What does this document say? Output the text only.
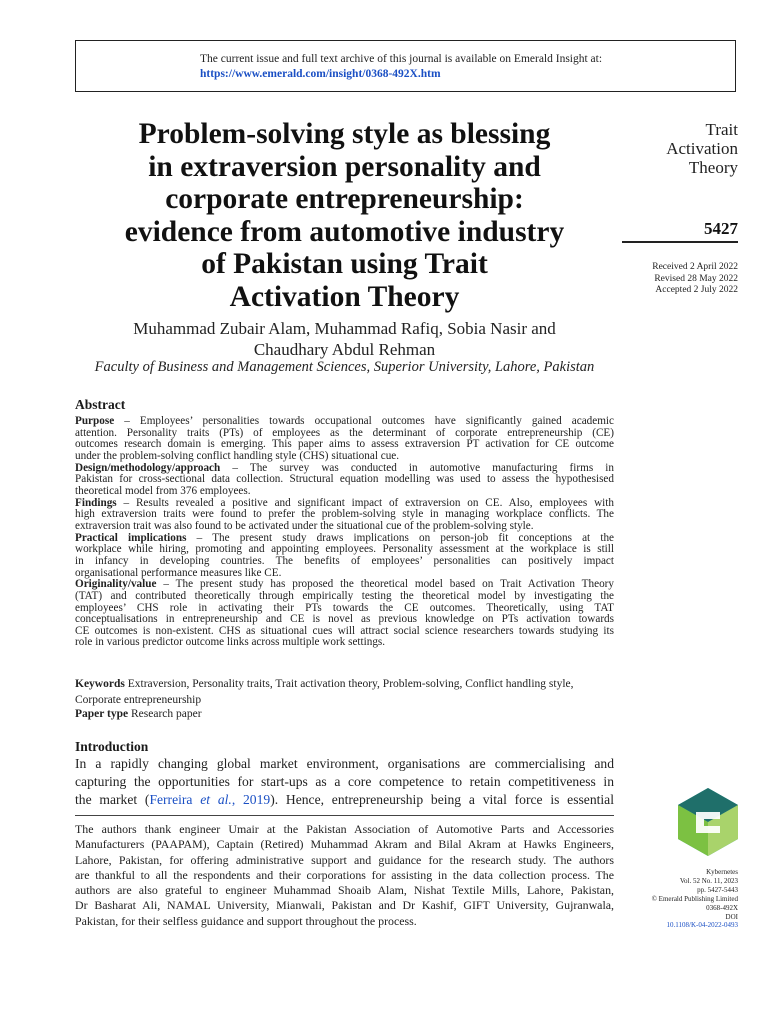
The current issue and full text archive of this journal is available on Emerald Insight at:
https://www.emerald.com/insight/0368-492X.htm
Problem-solving style as blessing
in extraversion personality and
corporate entrepreneurship:
evidence from automotive industry
of Pakistan using Trait
Activation Theory
Trait
Activation
Theory
5427
Received 2 April 2022
Revised 28 May 2022
Accepted 2 July 2022
Muhammad Zubair Alam, Muhammad Rafiq, Sobia Nasir and
Chaudhary Abdul Rehman
Faculty of Business and Management Sciences, Superior University, Lahore, Pakistan
Abstract
Purpose – Employees’ personalities towards occupational outcomes have significantly gained academic
attention. Personality traits (PTs) of employees as the determinant of corporate entrepreneurship (CE)
outcomes research domain is emerging. This paper aims to assess extraversion PT activation for CE outcome
under the problem-solving conflict handling style (CHS) situational cue.
Design/methodology/approach – The survey was conducted in automotive manufacturing firms in
Pakistan for cross-sectional data collection. Structural equation modelling was used to assess the hypothesised
theoretical model from 376 employees.
Findings – Results revealed a positive and significant impact of extraversion on CE. Also, employees with
high extraversion traits were found to prefer the problem-solving style in managing workplace conflicts. The
extraversion trait was also found to be activated under the situational cue of the problem-solving style.
Practical implications – The present study draws implications on person-job fit conceptions at the
workplace while hiring, promoting and appointing employees. Personality assessment at the workplace is still
in infancy in developing countries. The benefits of employees’ personalities can positively impact
organisational performance measures like CE.
Originality/value – The present study has proposed the theoretical model based on Trait Activation Theory
(TAT) and contributed theoretically through empirically testing the theoretical model by investigating the
employees’ CHS role in activating their PTs towards the CE outcomes. Theoretically, using TAT
conceptualisations in entrepreneurship and CE is novel as previous knowledge on PTs activation towards
CE outcomes is non-existent. CHS as situational cues will attract social science researchers towards studying its
role in various predictor outcome links across multiple work settings.
Keywords Extraversion, Personality traits, Trait activation theory, Problem-solving, Conflict handling style,
Corporate entrepreneurship
Paper type Research paper
Introduction
In a rapidly changing global market environment, organisations are commercialising and
capturing the opportunities for start-ups as a core competence to retain competitiveness in
the market (Ferreira et al., 2019). Hence, entrepreneurship being a vital force is essential
The authors thank engineer Umair at the Pakistan Association of Automotive Parts and Accessories
Manufacturers (PAAPAM), Captain (Retired) Muhammad Akram and Bilal Akram at Hawks Engineers,
Lahore, Pakistan, for offering administrative support and guidance for the research study. The authors
are thankful to all the respondents and their corporations for assisting in the data collection process. The
authors are also grateful to engineer Muhammad Shoaib Alam, Nishat Textile Mills, Lahore, Pakistan,
Dr Basharat Ali, NAMAL University, Mianwali, Pakistan and Dr Kashif, GIFT University, Gujranwala,
Pakistan, for their selfless guidance and support throughout the process.
Kybernetes
Vol. 52 No. 11, 2023
pp. 5427-5443
© Emerald Publishing Limited
0368-492X
DOI
10.1108/K-04-2022-0493
